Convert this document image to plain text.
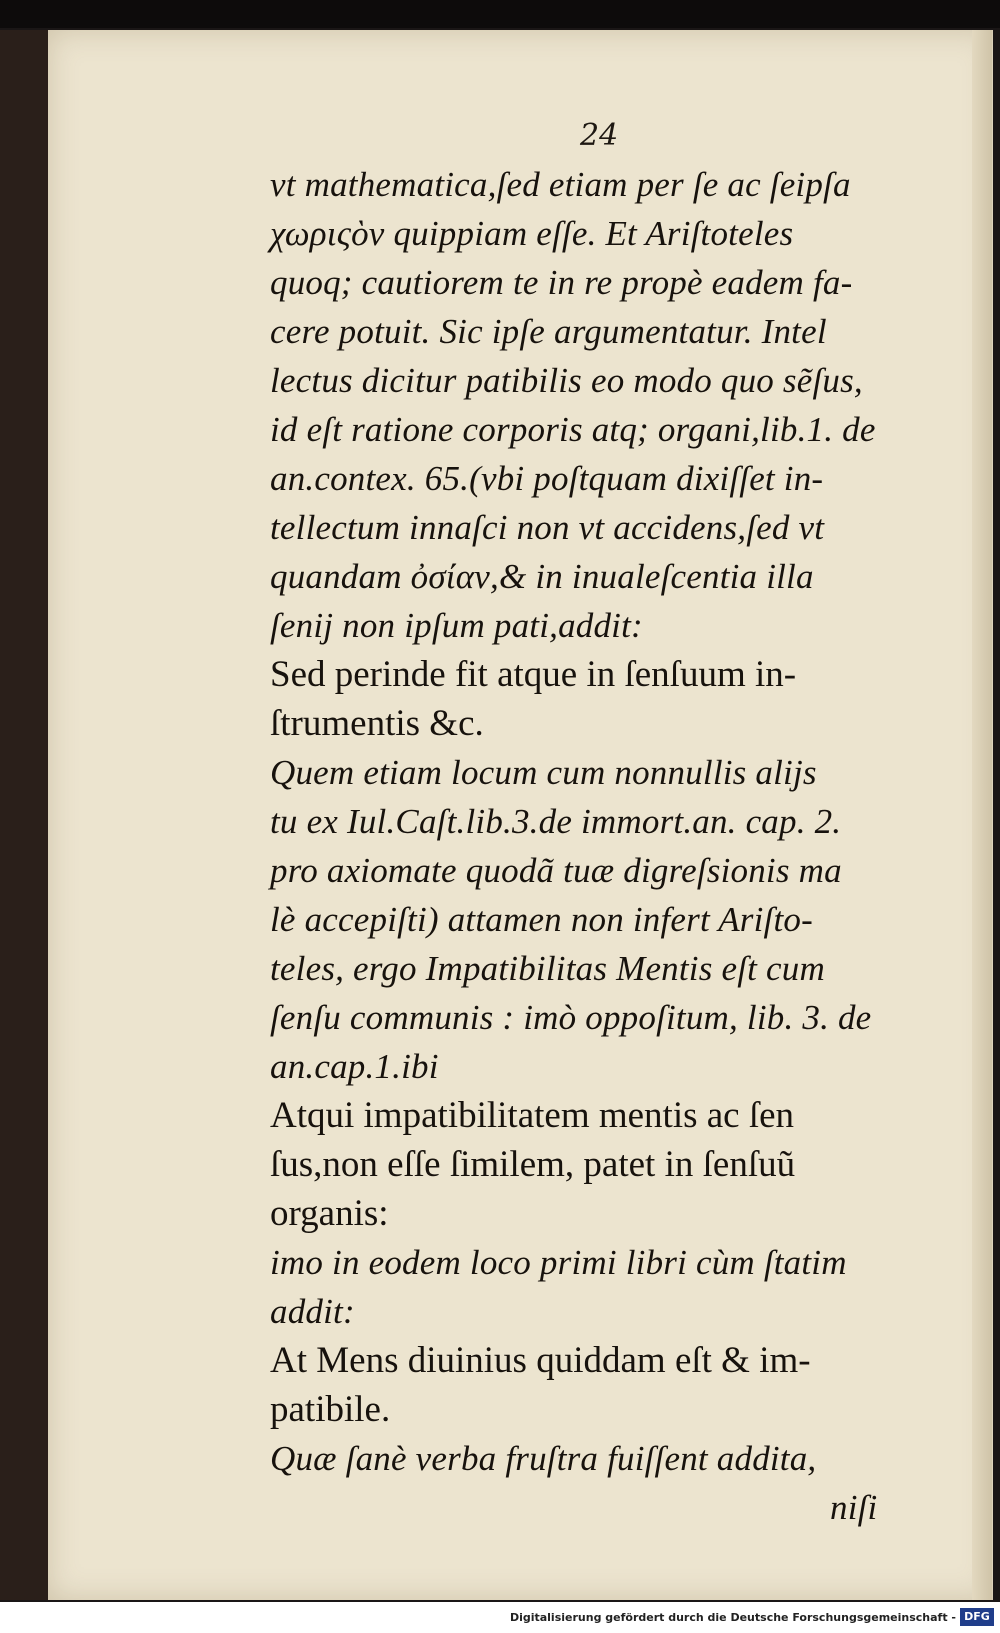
24

vt mathematica,ſed etiam per ſe ac ſeipſa

χωριςὸν quippiam eſſe. Et Ariſtoteles

quoq; cautiorem te in re propè eadem fa-

cere potuit. Sic ipſe argumentatur. Intel

lectus dicitur patibilis eo modo quo sẽſus,

id eſt ratione corporis atq; organi,lib.1. de

an.contex. 65.(vbi poſtquam dixiſſet in-

tellectum innaſci non vt accidens,ſed vt

quandam ὀσίαν,& in inualeſcentia illa

ſenij non ipſum pati,addit:

Sed perinde fit atque in ſenſuum in-

ſtrumentis &c.

Quem etiam locum cum nonnullis alijs

tu ex Iul.Caſt.lib.3.de immort.an. cap. 2.

pro axiomate quodã tuæ digreſsionis ma

lè accepiſti) attamen non infert Ariſto-

teles, ergo Impatibilitas Mentis eſt cum

ſenſu communis : imò oppoſitum, lib. 3. de

an.cap.1.ibi

Atqui impatibilitatem mentis ac ſen

ſus,non eſſe ſimilem, patet in ſenſuũ

organis:

imo in eodem loco primi libri cùm ſtatim

addit:

At Mens diuinius quiddam eſt & im-

patibile.

Quæ ſanè verba fruſtra fuiſſent addita,

niſi

Digitalisierung gefördert durch die Deutsche Forschungsgemeinschaft - DFG
